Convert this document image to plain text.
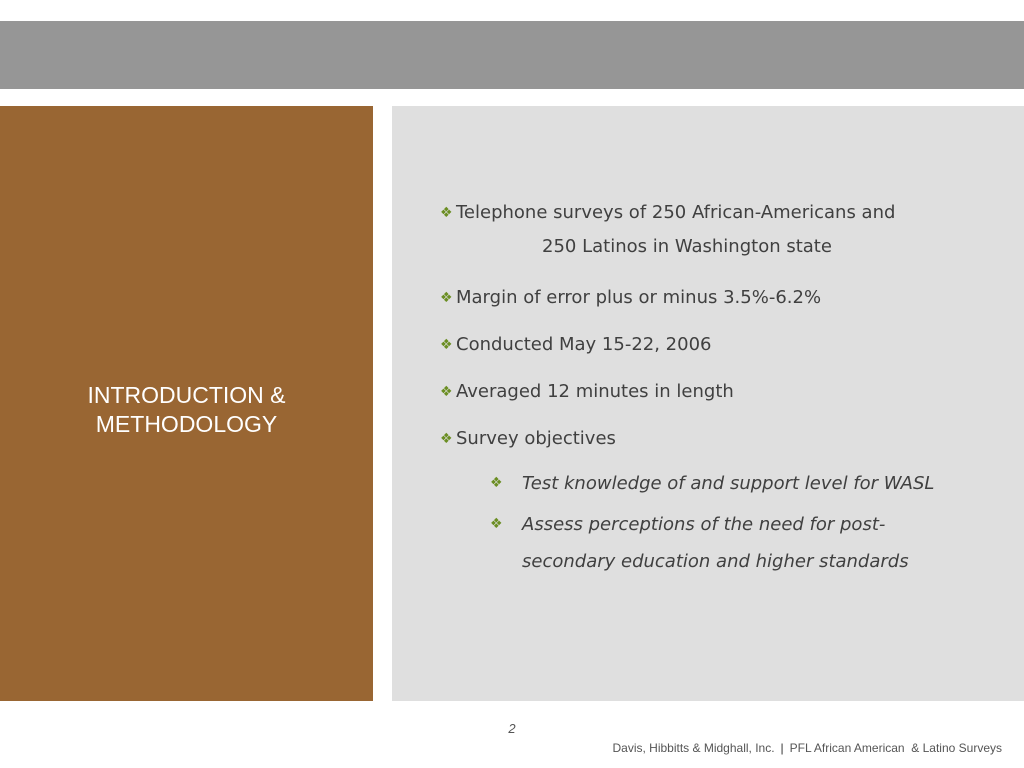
INTRODUCTION &
METHODOLOGY
❖ Telephone surveys of 250 African-Americans and
250 Latinos in Washington state
❖ Margin of error plus or minus 3.5%-6.2%
❖ Conducted May 15-22, 2006
❖ Averaged 12 minutes in length
❖ Survey objectives
❖ Test knowledge of and support level for WASL
❖ Assess perceptions of the need for post-secondary education and higher standards
2
Davis, Hibbitts & Midghall, Inc. | PFL African American  & Latino Surveys
